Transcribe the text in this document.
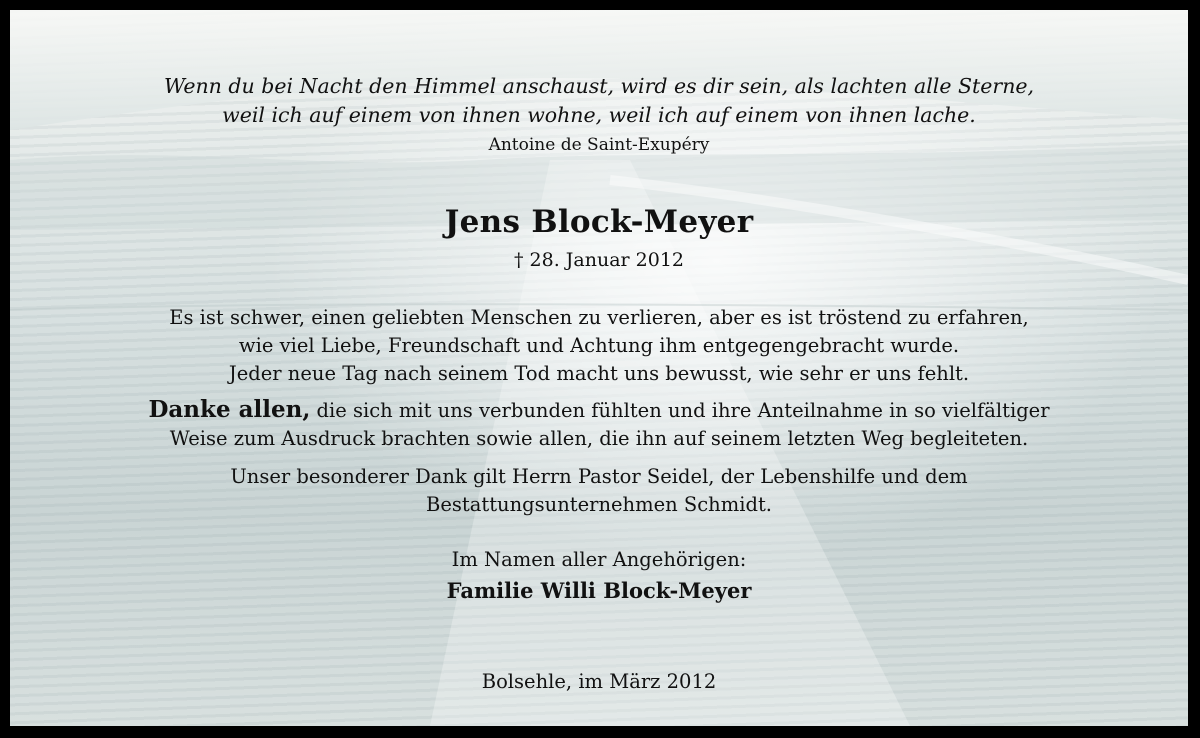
Wenn du bei Nacht den Himmel anschaust, wird es dir sein, als lachten alle Sterne,
weil ich auf einem von ihnen wohne, weil ich auf einem von ihnen lache.
Antoine de Saint-Exupéry
Jens Block-Meyer
† 28. Januar 2012
Es ist schwer, einen geliebten Menschen zu verlieren, aber es ist tröstend zu erfahren,
wie viel Liebe, Freundschaft und Achtung ihm entgegengebracht wurde.
Jeder neue Tag nach seinem Tod macht uns bewusst, wie sehr er uns fehlt.
Danke allen, die sich mit uns verbunden fühlten und ihre Anteilnahme in so vielfältiger
Weise zum Ausdruck brachten sowie allen, die ihn auf seinem letzten Weg begleiteten.
Unser besonderer Dank gilt Herrn Pastor Seidel, der Lebenshilfe und dem
Bestattungsunternehmen Schmidt.
Im Namen aller Angehörigen:
Familie Willi Block-Meyer
Bolsehle, im März 2012
